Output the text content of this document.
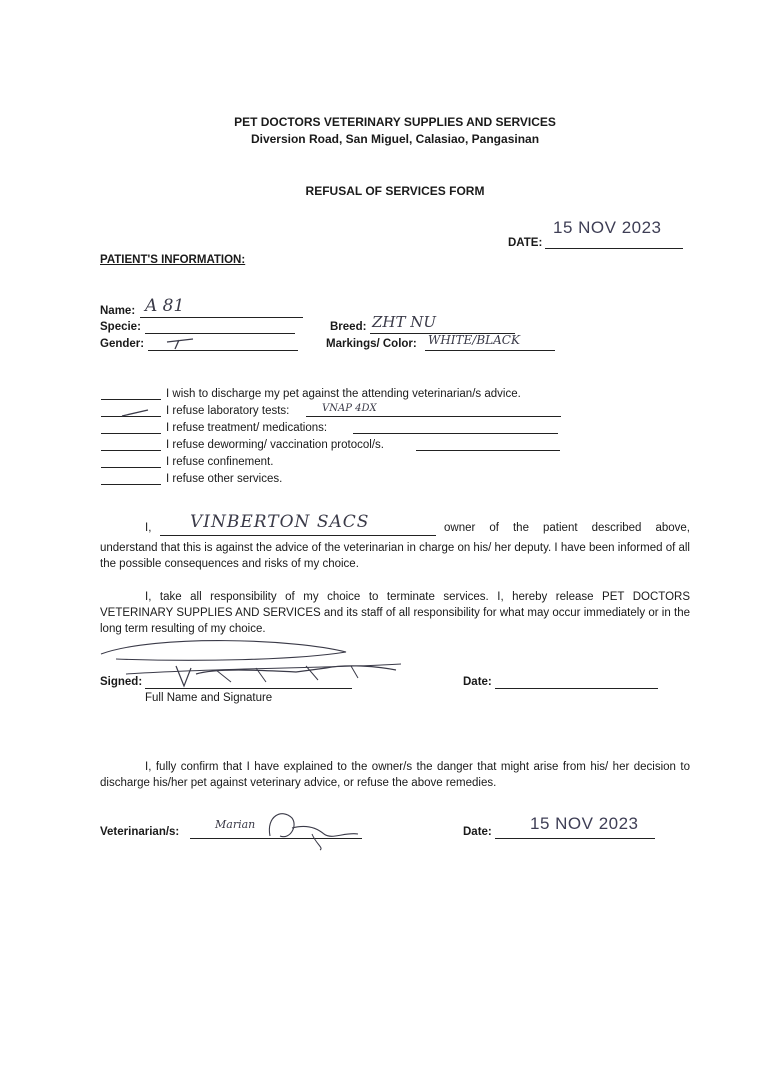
PET DOCTORS VETERINARY SUPPLIES AND SERVICES
Diversion Road, San Miguel, Calasiao, Pangasinan
REFUSAL OF SERVICES FORM
15 NOV 2023
DATE:
PATIENT'S INFORMATION:
Name: A 81
Specie:
Gender:
Breed: ZHT NU
Markings/ Color: WHITE/BLACK
I wish to discharge my pet against the attending veterinarian/s advice.
I refuse laboratory tests:	VNAP 4DX
I refuse treatment/ medications:
I refuse deworming/ vaccination protocol/s.
I refuse confinement.
I refuse other services.
I, VINBERTON SACS	owner of the patient described above,
understand that this is against the advice of the veterinarian in charge on his/ her deputy. I have been informed of all the possible consequences and risks of my choice.
I, take all responsibility of my choice to terminate services. I, hereby release PET DOCTORS VETERINARY SUPPLIES AND SERVICES and its staff of all responsibility for what may occur immediately or in the long term resulting of my choice.
Signed:
Full Name and Signature
Date:
I, fully confirm that I have explained to the owner/s the danger that might arise from his/ her decision to discharge his/her pet against veterinary advice, or refuse the above remedies.
Veterinarian/s:
Marian
Date: 15 NOV 2023
